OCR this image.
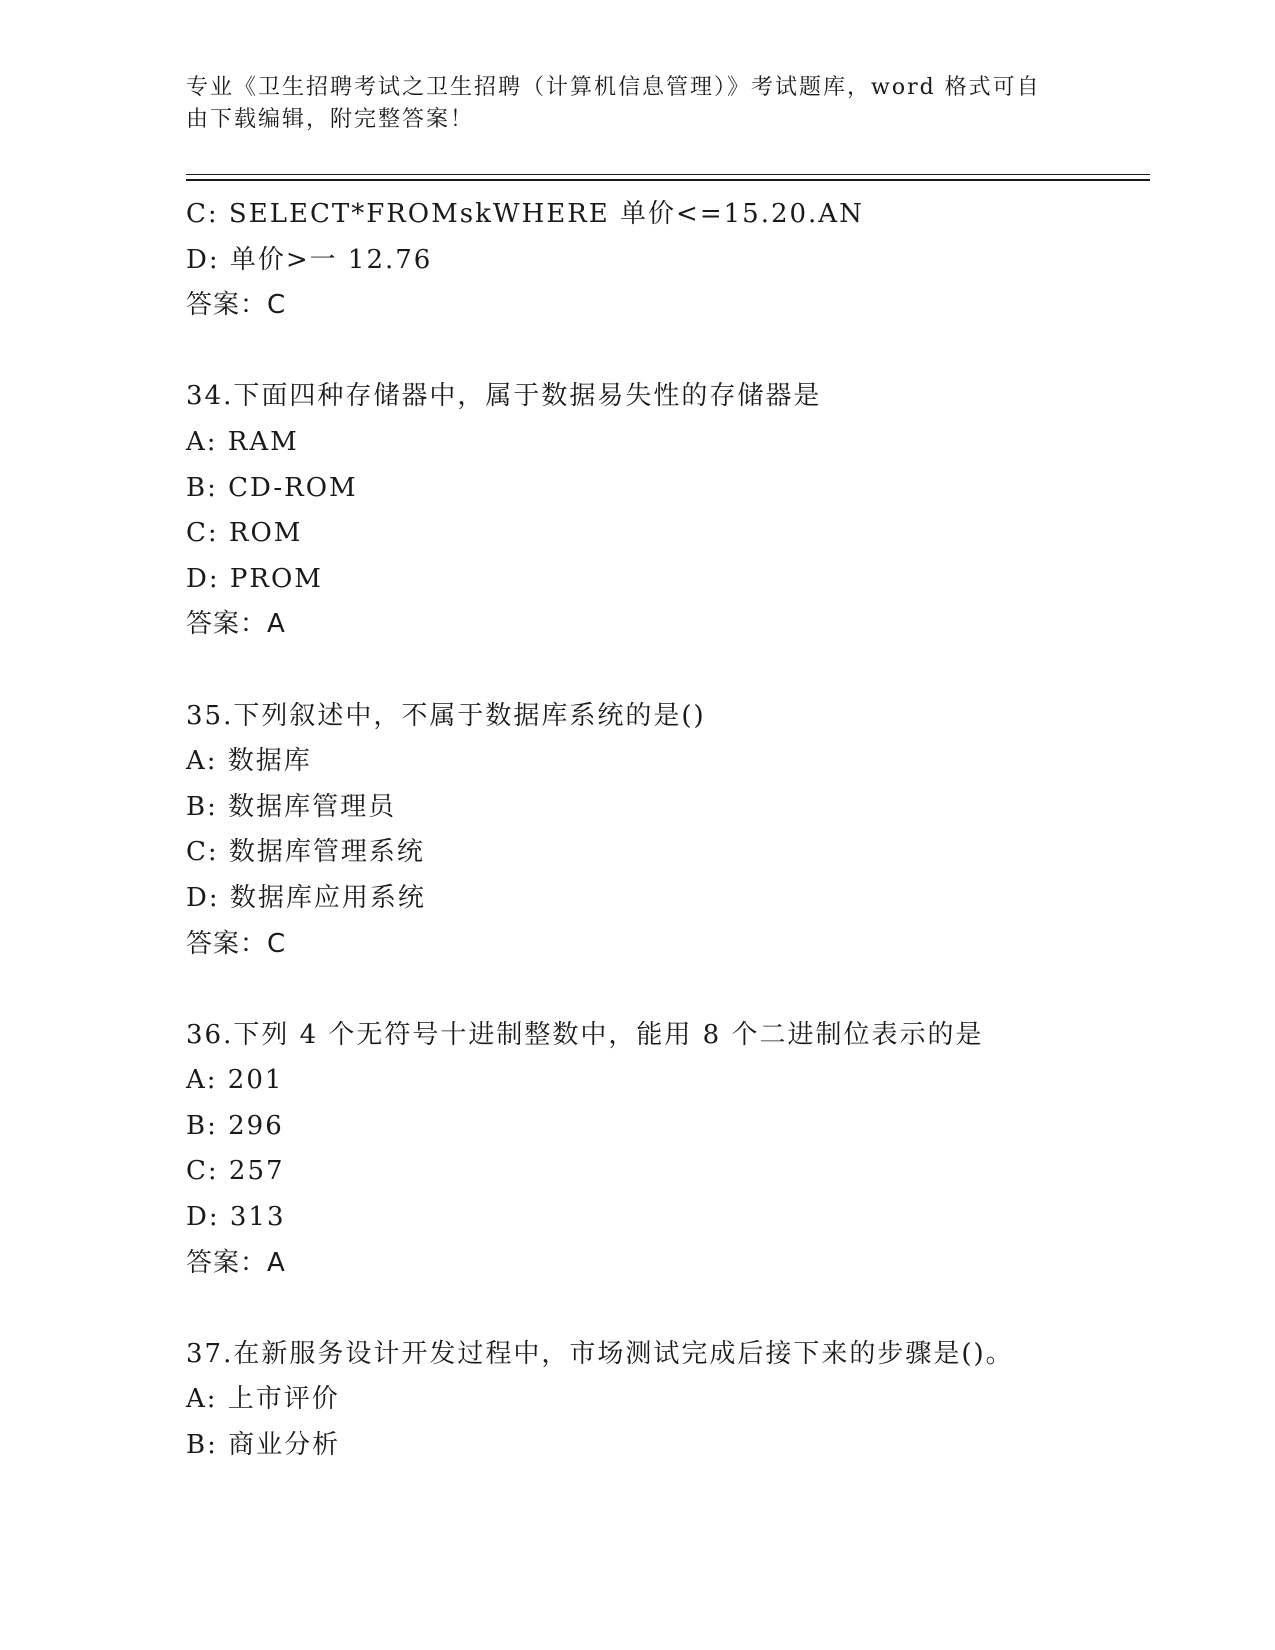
专业《卫生招聘考试之卫生招聘（计算机信息管理）》考试题库，word 格式可自
由下载编辑，附完整答案！
C: SELECT*FROMskWHERE 单价<=15.20.AN
D: 单价>一 12.76
答案：C
34.下面四种存储器中，属于数据易失性的存储器是
A: RAM
B: CD-ROM
C: ROM
D: PROM
答案：A
35.下列叙述中，不属于数据库系统的是()
A: 数据库
B: 数据库管理员
C: 数据库管理系统
D: 数据库应用系统
答案：C
36.下列 4 个无符号十进制整数中，能用 8 个二进制位表示的是
A: 201
B: 296
C: 257
D: 313
答案：A
37.在新服务设计开发过程中，市场测试完成后接下来的步骤是()。
A: 上市评价
B: 商业分析
